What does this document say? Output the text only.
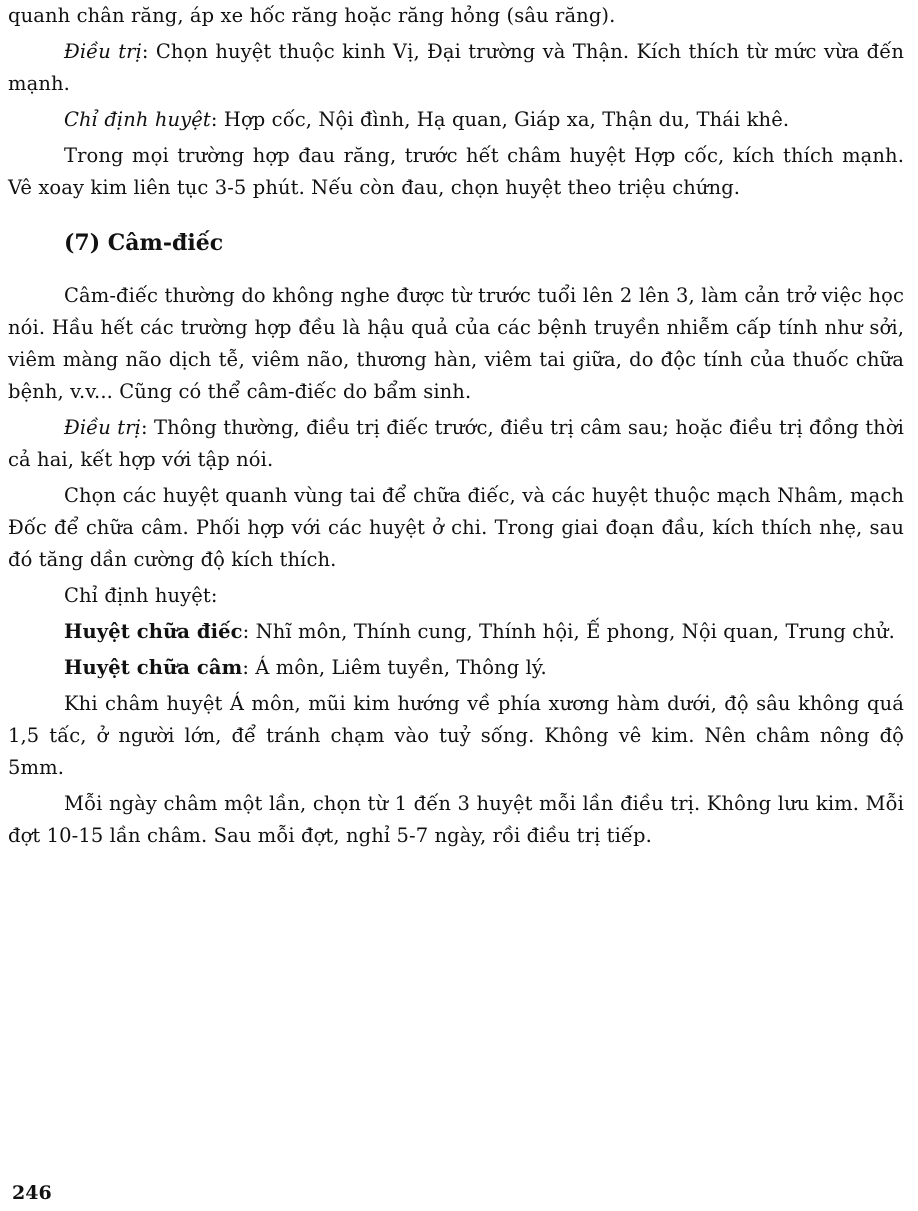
quanh chân răng, áp xe hốc răng hoặc răng hỏng (sâu răng).

Điều trị: Chọn huyệt thuộc kinh Vị, Đại trường và Thận. Kích thích từ mức vừa đến mạnh.

Chỉ định huyệt: Hợp cốc, Nội đình, Hạ quan, Giáp xa, Thận du, Thái khê.

Trong mọi trường hợp đau răng, trước hết châm huyệt Hợp cốc, kích thích mạnh. Vê xoay kim liên tục 3-5 phút. Nếu còn đau, chọn huyệt theo triệu chứng.

(7) Câm-điếc

Câm-điếc thường do không nghe được từ trước tuổi lên 2 lên 3, làm cản trở việc học nói. Hầu hết các trường hợp đều là hậu quả của các bệnh truyền nhiễm cấp tính như sởi, viêm màng não dịch tễ, viêm não, thương hàn, viêm tai giữa, do độc tính của thuốc chữa bệnh, v.v... Cũng có thể câm-điếc do bẩm sinh.

Điều trị: Thông thường, điều trị điếc trước, điều trị câm sau; hoặc điều trị đồng thời cả hai, kết hợp với tập nói.

Chọn các huyệt quanh vùng tai để chữa điếc, và các huyệt thuộc mạch Nhâm, mạch Đốc để chữa câm. Phối hợp với các huyệt ở chi. Trong giai đoạn đầu, kích thích nhẹ, sau đó tăng dần cường độ kích thích.

Chỉ định huyệt:

Huyệt chữa điếc: Nhĩ môn, Thính cung, Thính hội, Ế phong, Nội quan, Trung chử.

Huyệt chữa câm: Á môn, Liêm tuyền, Thông lý.

Khi châm huyệt Á môn, mũi kim hướng về phía xương hàm dưới, độ sâu không quá 1,5 tấc, ở người lớn, để tránh chạm vào tuỷ sống. Không vê kim. Nên châm nông độ 5mm.

Mỗi ngày châm một lần, chọn từ 1 đến 3 huyệt mỗi lần điều trị. Không lưu kim. Mỗi đợt 10-15 lần châm. Sau mỗi đợt, nghỉ 5-7 ngày, rồi điều trị tiếp.

246
